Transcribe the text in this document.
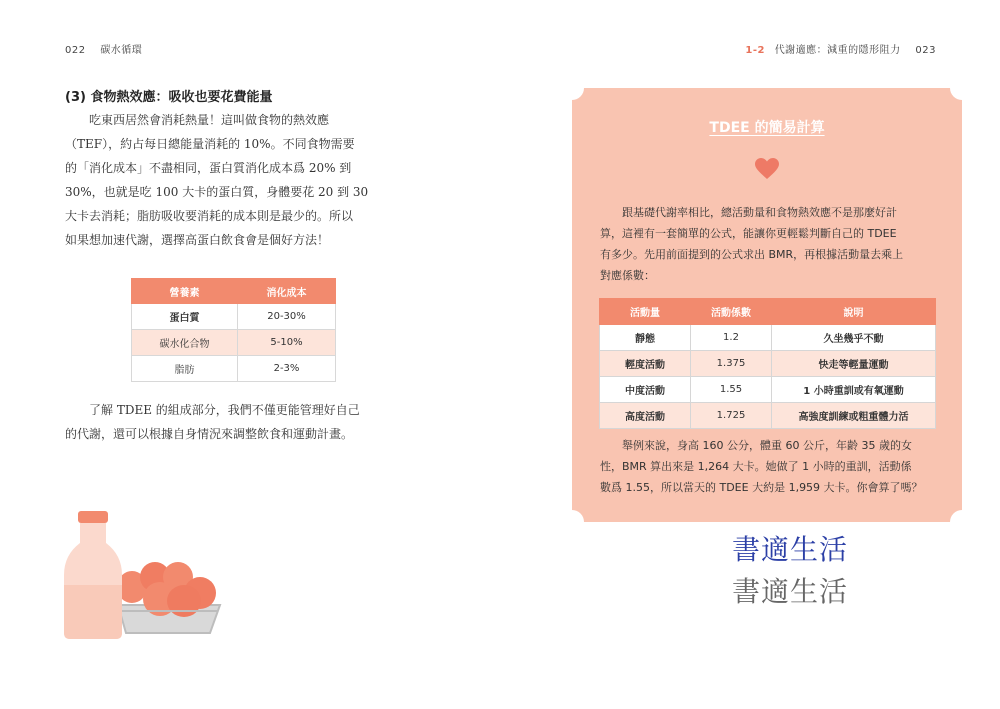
022 碳水循環	1-2 代謝適應：減重的隱形阻力 023
(3) 食物熱效應：吸收也要花費能量
吃東西居然會消耗熱量！這叫做食物的熱效應
（TEF），約占每日總能量消耗的 10%。不同食物需要
的「消化成本」不盡相同，蛋白質消化成本爲 20% 到
30%，也就是吃 100 大卡的蛋白質，身體要花 20 到 30
大卡去消耗；脂肪吸收要消耗的成本則是最少的。所以
如果想加速代謝，選擇高蛋白飲食會是個好方法！
營養素	消化成本
蛋白質	20-30%
碳水化合物	5-10%
脂肪	2-3%
了解 TDEE 的組成部分，我們不僅更能管理好自己
的代謝，還可以根據自身情況來調整飲食和運動計畫。
TDEE 的簡易計算
跟基礎代謝率相比，總活動量和食物熱效應不是那麼好計
算，這裡有一套簡單的公式，能讓你更輕鬆判斷自己的 TDEE
有多少。先用前面提到的公式求出 BMR，再根據活動量去乘上
對應係數：
活動量	活動係數	說明
靜態	1.2	久坐幾乎不動
輕度活動	1.375	快走等輕量運動
中度活動	1.55	1 小時重訓或有氧運動
高度活動	1.725	高強度訓練或粗重體力活
舉例來說，身高 160 公分，體重 60 公斤，年齡 35 歲的女
性，BMR 算出來是 1,264 大卡。她做了 1 小時的重訓，活動係
數爲 1.55，所以當天的 TDEE 大約是 1,959 大卡。你會算了嗎？
書適生活
書適生活
